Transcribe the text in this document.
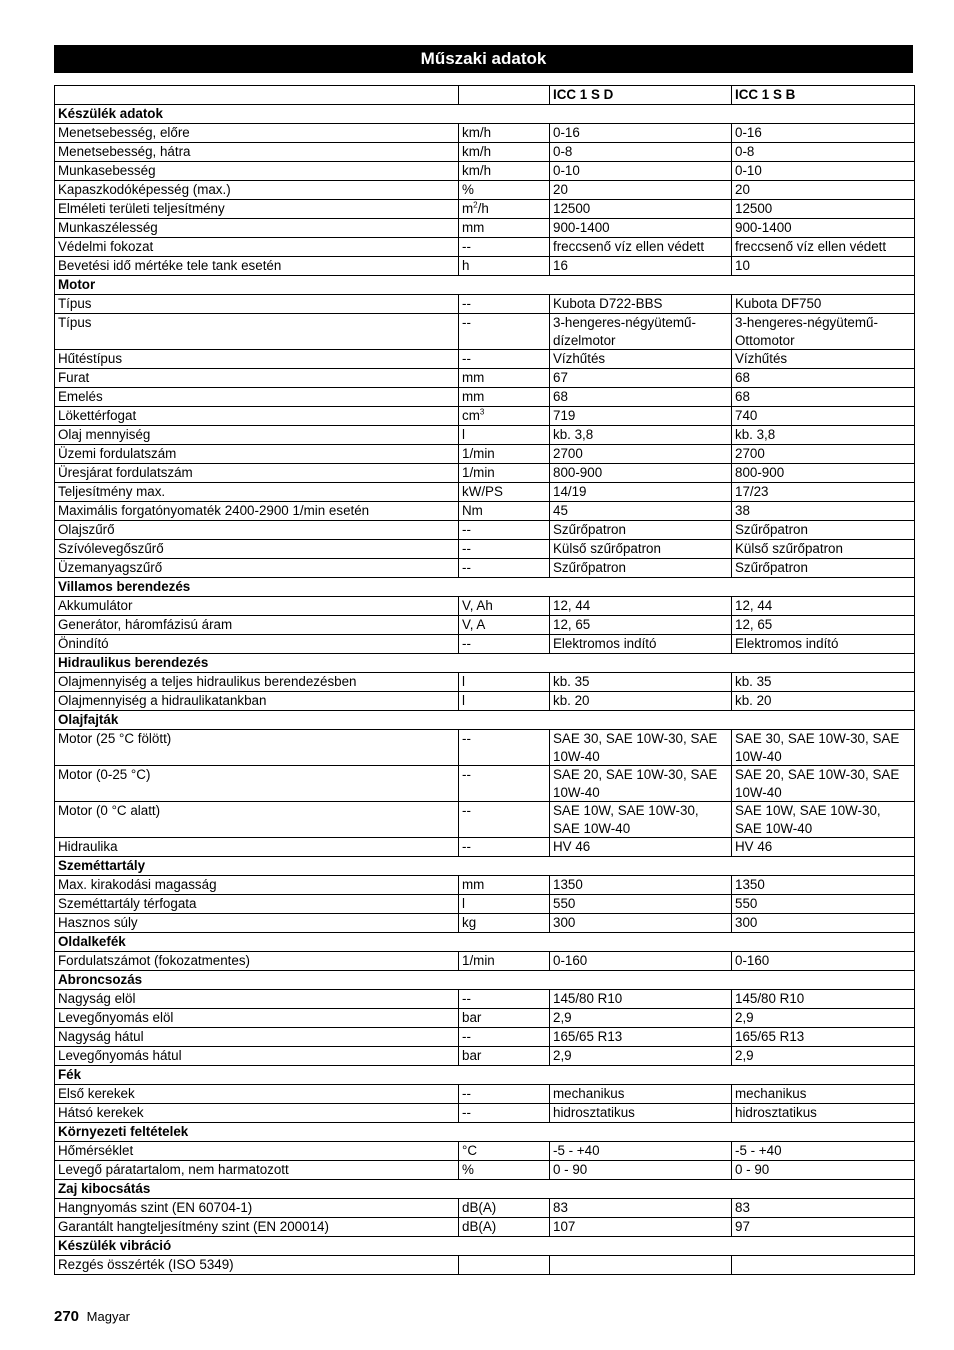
Műszaki adatok
		ICC 1 S D	ICC 1 S B
Készülék adatok			
Menetsebesség, előre	km/h	0-16	0-16
Menetsebesség, hátra	km/h	0-8	0-8
Munkasebesség	km/h	0-10	0-10
Kapaszkodóképesség (max.)	%	20	20
Elméleti területi teljesítmény	$m^2/h$	12500	12500
Munkaszélesség	mm	900-1400	900-1400
Védelmi fokozat	--	freccsenő víz ellen védett	freccsenő víz ellen védett
Bevetési idő mértéke tele tank esetén	h	16	10
Motor			
Típus	--	Kubota D722-BBS	Kubota DF750
Típus	--	3-hengeres-négyütemű-dízelmotor	3-hengeres-négyütemű-Ottomotor
Hűtéstípus	--	Vízhűtés	Vízhűtés
Furat	mm	67	68
Emelés	mm	68	68
Lökettérfogat	$cm^3$	719	740
Olaj mennyiség	l	kb. 3,8	kb. 3,8
Üzemi fordulatszám	1/min	2700	2700
Üresjárat fordulatszám	1/min	800-900	800-900
Teljesítmény max.	kW/PS	14/19	17/23
Maximális forgatónyomaték 2400-2900 1/min esetén	Nm	45	38
Olajszűrő	--	Szűrőpatron	Szűrőpatron
Szívólevegőszűrő	--	Külső szűrőpatron	Külső szűrőpatron
Üzemanyagszűrő	--	Szűrőpatron	Szűrőpatron
Villamos berendezés			
Akkumulátor	V, Ah	12, 44	12, 44
Generátor, háromfázisú áram	V, A	12, 65	12, 65
Önindító	--	Elektromos indító	Elektromos indító
Hidraulikus berendezés			
Olajmennyiség a teljes hidraulikus berendezésben	l	kb. 35	kb. 35
Olajmennyiség a hidraulikatankban	l	kb. 20	kb. 20
Olajfajták			
Motor (25 °C fölött)	--	SAE 30, SAE 10W-30, SAE 10W-40	SAE 30, SAE 10W-30, SAE 10W-40
Motor (0-25 °C)	--	SAE 20, SAE 10W-30, SAE 10W-40	SAE 20, SAE 10W-30, SAE 10W-40
Motor (0 °C alatt)	--	SAE 10W, SAE 10W-30, SAE 10W-40	SAE 10W, SAE 10W-30, SAE 10W-40
Hidraulika	--	HV 46	HV 46
Szeméttartály			
Max. kirakodási magasság	mm	1350	1350
Szeméttartály térfogata	l	550	550
Hasznos súly	kg	300	300
Oldalkefék			
Fordulatszámot (fokozatmentes)	1/min	0-160	0-160
Abroncsozás			
Nagyság elöl	--	145/80 R10	145/80 R10
Levegőnyomás elöl	bar	2,9	2,9
Nagyság hátul	--	165/65 R13	165/65 R13
Levegőnyomás hátul	bar	2,9	2,9
Fék			
Első kerekek	--	mechanikus	mechanikus
Hátsó kerekek	--	hidrosztatikus	hidrosztatikus
Környezeti feltételek			
Hőmérséklet	°C	-5 - +40	-5 - +40
Levegő páratartalom, nem harmatozott	%	0 - 90	0 - 90
Zaj kibocsátás			
Hangnyomás szint (EN 60704-1)	dB(A)	83	83
Garantált hangteljesítmény szint (EN 200014)	dB(A)	107	97
Készülék vibráció			
Rezgés összérték (ISO 5349)			
270 Magyar
